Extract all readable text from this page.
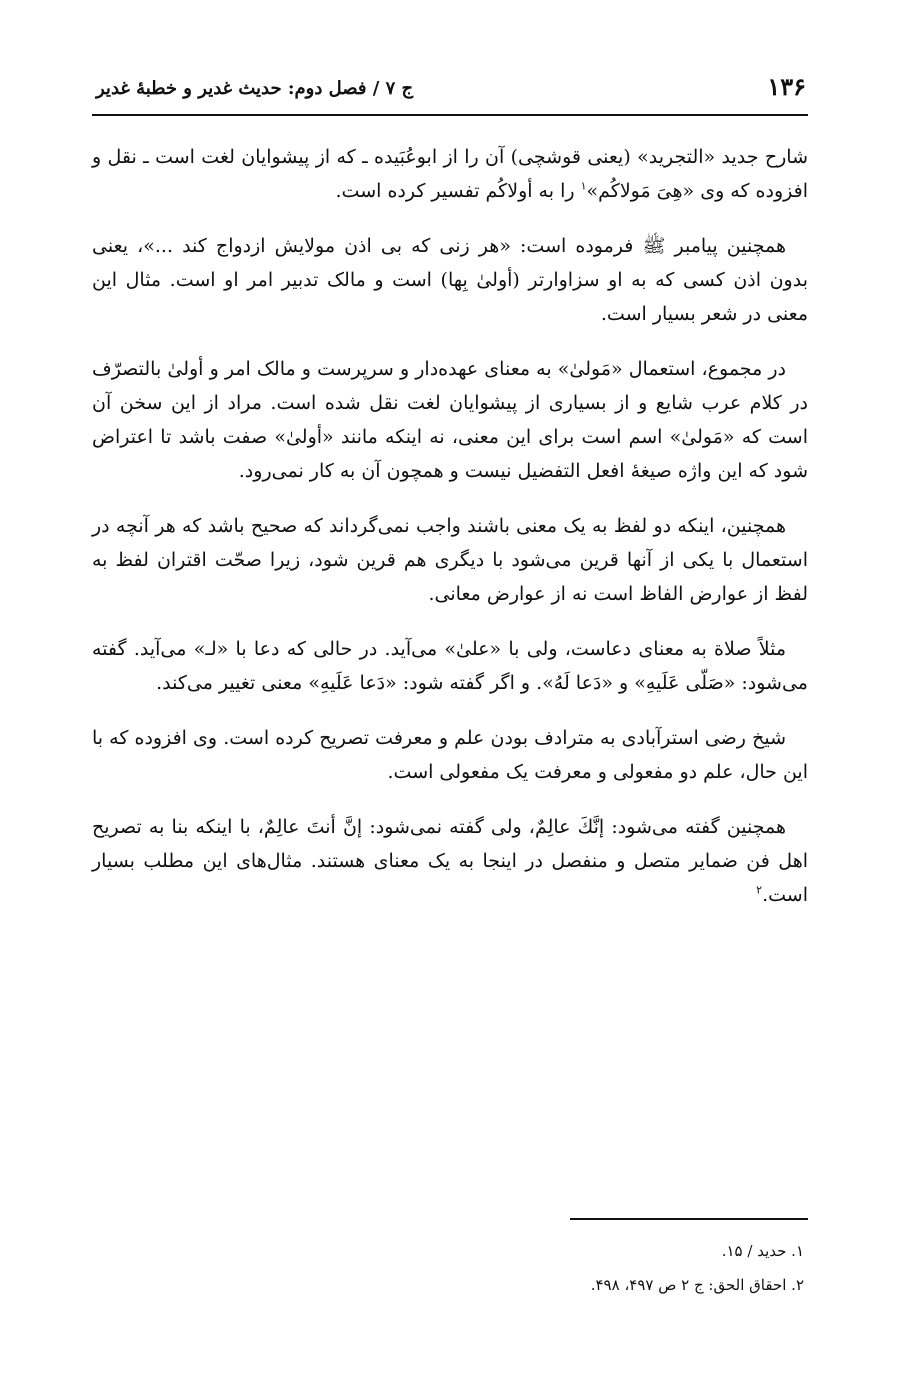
۱۳۶
ج ۷ / فصل دوم: حدیث غدیر و خطبهٔ غدیر

شارح جدید «التجرید» (یعنی قوشچی) آن را از ابوعُبَیده ـ که از پیشوایان لغت است ـ نقل و افزوده که وی «هِیَ مَولاکُم»$^۱$ را به أولاکُم تفسیر کرده است.

همچنین پیامبر ﷺ فرموده است: «هر زنی که بی اذن مولایش ازدواج کند ...»، یعنی بدون اذن کسی که به او سزاوارتر (أولیٰ بِها) است و مالک تدبیر امر او است. مثال این معنی در شعر بسیار است.

در مجموع، استعمال «مَولیٰ» به معنای عهده‌دار و سرپرست و مالک امر و أولیٰ بالتصرّف در کلام عرب شایع و از بسیاری از پیشوایان لغت نقل شده است. مراد از این سخن آن است که «مَولیٰ» اسم است برای این معنی، نه اینکه مانند «أولیٰ» صفت باشد تا اعتراض شود که این واژه صیغهٔ افعل التفضیل نیست و همچون آن به کار نمی‌رود.

همچنین، اینکه دو لفظ به یک معنی باشند واجب نمی‌گرداند که صحیح باشد که هر آنچه در استعمال با یکی از آنها قرین می‌شود با دیگری هم قرین شود، زیرا صحّت اقتران لفظ به لفظ از عوارض الفاظ است نه از عوارض معانی.

مثلاً صلاة به معنای دعاست، ولی با «علیٰ» می‌آید. در حالی که دعا با «لـ» می‌آید. گفته می‌شود: «صَلّی عَلَیهِ» و «دَعا لَهُ». و اگر گفته شود: «دَعا عَلَیهِ» معنی تغییر می‌کند.

شیخ رضی استرآبادی به مترادف بودن علم و معرفت تصریح کرده است. وی افزوده که با این حال، علم دو مفعولی و معرفت یک مفعولی است.

همچنین گفته می‌شود: إنَّكَ عالِمٌ، ولی گفته نمی‌شود: إنَّ أنتَ عالِمٌ، با اینکه بنا به تصریح اهل فن ضمایر متصل و منفصل در اینجا به یک معنای هستند. مثال‌های این مطلب بسیار است.$^۲$

۱. حدید / ۱۵.

۲. احقاق الحق: ج ۲ ص ۴۹۷، ۴۹۸.
